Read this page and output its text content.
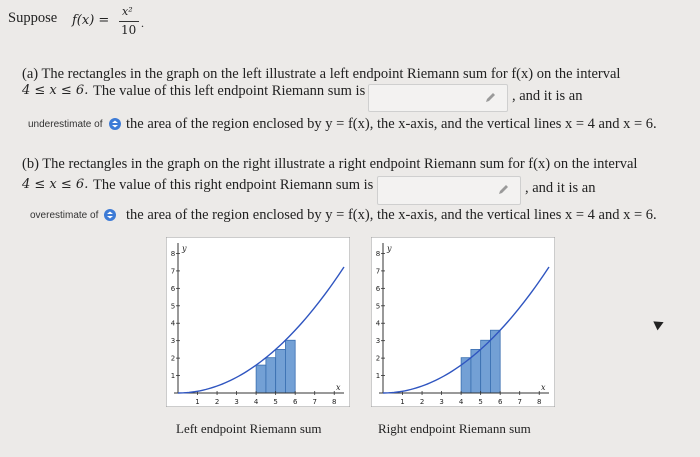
Suppose f(x) =
x²
10 .
(a) The rectangles in the graph on the left illustrate a left endpoint Riemann sum for f(x) on the interval
4 ≤ x ≤ 6. The value of this left endpoint Riemann sum is	, and it is an
underestimate of the area of the region enclosed by y = f(x), the x-axis, and the vertical lines x = 4 and x = 6.
(b) The rectangles in the graph on the right illustrate a right endpoint Riemann sum for f(x) on the interval
4 ≤ x ≤ 6. The value of this right endpoint Riemann sum is	, and it is an
overestimate of the area of the region enclosed by y = f(x), the x-axis, and the vertical lines x = 4 and x = 6.
1 2 3 4 5 6 7 8
1
2
3
4
5
6
7
8
y
x
1 2 3 4 5 6 7 8
1
2
3
4
5
6
7
8
y
x
Left endpoint Riemann sum	Right endpoint Riemann sum
